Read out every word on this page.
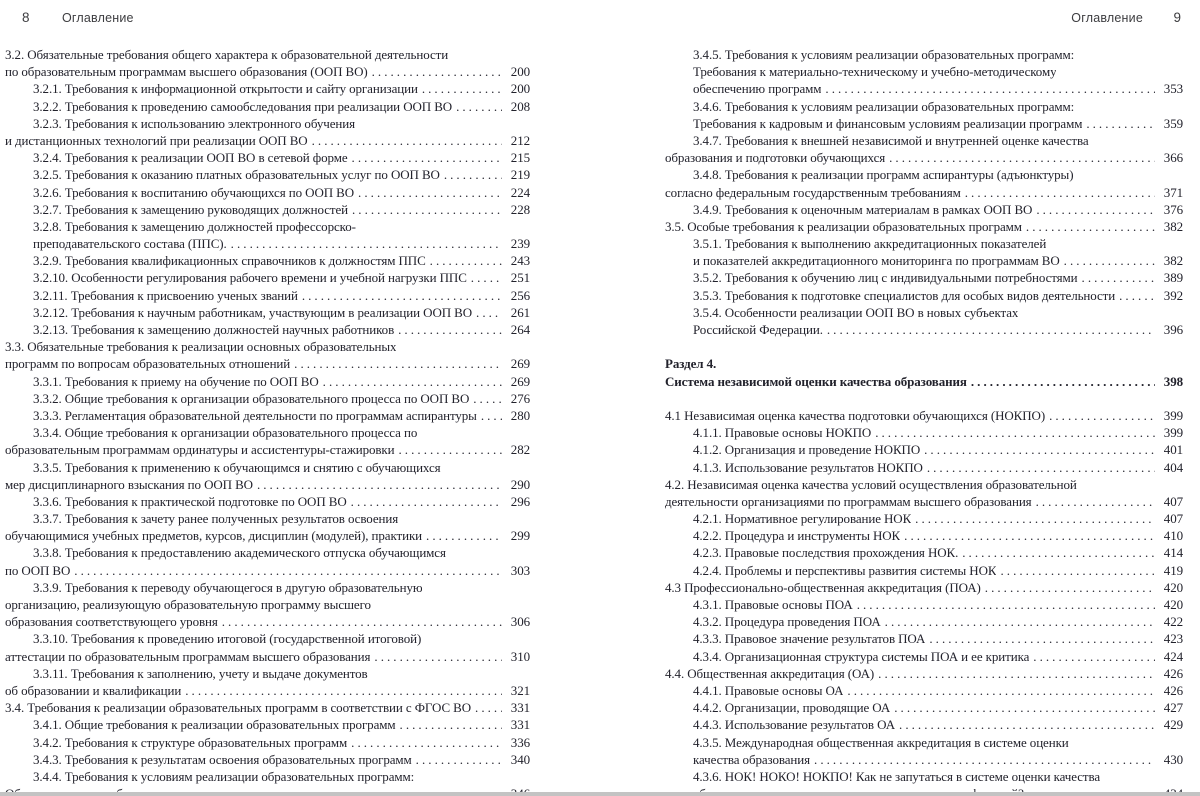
8	Оглавление
3.2. Обязательные требования общего характера к образовательной деятельности
по образовательным программам высшего образования (ООП ВО) . . .	200
3.2.1. Требования к информационной открытости и сайту организации . . .	200
3.2.2. Требования к проведению самообследования при реализации ООП ВО . . .	208
3.2.3. Требования к использованию электронного обучения
и дистанционных технологий при реализации ООП ВО . . .	212
3.2.4. Требования к реализации ООП ВО в сетевой форме . . .	215
3.2.5. Требования к оказанию платных образовательных услуг по ООП ВО . . .	219
3.2.6. Требования к воспитанию обучающихся по ООП ВО . . .	224
3.2.7. Требования к замещению руководящих должностей . . .	228
3.2.8. Требования к замещению должностей профессорско-
преподавательского состава (ППС). . . .	239
3.2.9. Требования квалификационных справочников к должностям ППС . . .	243
3.2.10. Особенности регулирования рабочего времени и учебной нагрузки ППС . . .	251
3.2.11. Требования к присвоению ученых званий . . .	256
3.2.12. Требования к научным работникам, участвующим в реализации ООП ВО . . .	261
3.2.13. Требования к замещению должностей научных работников . . .	264
3.3. Обязательные требования к реализации основных образовательных
программ по вопросам образовательных отношений . . .	269
3.3.1. Требования к приему на обучение по ООП ВО . . .	269
3.3.2. Общие требования к организации образовательного процесса по ООП ВО . . .	276
3.3.3. Регламентация образовательной деятельности по программам аспирантуры . . .	280
3.3.4. Общие требования к организации образовательного процесса по
образовательным программам ординатуры и ассистентуры-стажировки . . .	282
3.3.5. Требования к применению к обучающимся и снятию с обучающихся
мер дисциплинарного взыскания по ООП ВО . . .	290
3.3.6. Требования к практической подготовке по ООП ВО . . .	296
3.3.7. Требования к зачету ранее полученных результатов освоения
обучающимися учебных предметов, курсов, дисциплин (модулей), практики . . .	299
3.3.8. Требования к предоставлению академического отпуска обучающимся
по ООП ВО . . .	303
3.3.9. Требования к переводу обучающегося в другую образовательную
организацию, реализующую образовательную программу высшего
образования соответствующего уровня . . .	306
3.3.10. Требования к проведению итоговой (государственной итоговой)
аттестации по образовательным программам высшего образования . . .	310
3.3.11. Требования к заполнению, учету и выдаче документов
об образовании и квалификации . . .	321
3.4. Требования к реализации образовательных программ в соответствии с ФГОС ВО . . .	331
3.4.1. Общие требования к реализации образовательных программ . . .	331
3.4.2. Требования к структуре образовательных программ . . .	336
3.4.3. Требования к результатам освоения образовательных программ . . .	340
3.4.4. Требования к условиям реализации образовательных программ:
. . .
Оглавление 9
3.4.5. Требования к условиям реализации образовательных программ:
Требования к материально-техническому и учебно-методическому
обеспечению программ . . .	353
3.4.6. Требования к условиям реализации образовательных программ:
Требования к кадровым и финансовым условиям реализации программ . . .	359
3.4.7. Требования к внешней независимой и внутренней оценке качества
образования и подготовки обучающихся . . .	366
3.4.8. Требования к реализации программ аспирантуры (адъюнктуры)
согласно федеральным государственным требованиям . . .	371
3.4.9. Требования к оценочным материалам в рамках ООП ВО . . .	376
3.5. Особые требования к реализации образовательных программ . . .	382
3.5.1. Требования к выполнению аккредитационных показателей
и показателей аккредитационного мониторинга по программам ВО . . .	382
3.5.2. Требования к обучению лиц с индивидуальными потребностями . . .	389
3.5.3. Требования к подготовке специалистов для особых видов деятельности . . .	392
3.5.4. Особенности реализации ООП ВО в новых субъектах
Российской Федерации. . . .	396
Раздел 4.
Система независимой оценки качества образования . . .	398
4.1 Независимая оценка качества подготовки обучающихся (НОКПО) . . .	399
4.1.1. Правовые основы НОКПО . . .	399
4.1.2. Организация и проведение НОКПО . . .	401
4.1.3. Использование результатов НОКПО . . .	404
4.2. Независимая оценка качества условий осуществления образовательной
деятельности организациями по программам высшего образования . . .	407
4.2.1. Нормативное регулирование НОК . . .	407
4.2.2. Процедура и инструменты НОК . . .	410
4.2.3. Правовые последствия прохождения НОК. . . .	414
4.2.4. Проблемы и перспективы развития системы НОК . . .	419
4.3 Профессионально-общественная аккредитация (ПОА) . . .	420
4.3.1. Правовые основы ПОА . . .	420
4.3.2. Процедура проведения ПОА . . .	422
4.3.3. Правовое значение результатов ПОА . . .	423
4.3.4. Организационная структура системы ПОА и ее критика . . .	424
4.4. Общественная аккредитация (ОА) . . .	426
4.4.1. Правовые основы ОА . . .	426
4.4.2. Организации, проводящие ОА . . .	427
4.4.3. Использование результатов ОА . . .	429
4.3.5. Международная общественная аккредитация в системе оценки
качества образования . . .	430
4.3.6. НОК! НОКО! НОКПО! Как не запутаться в системе оценки качества
. . .
